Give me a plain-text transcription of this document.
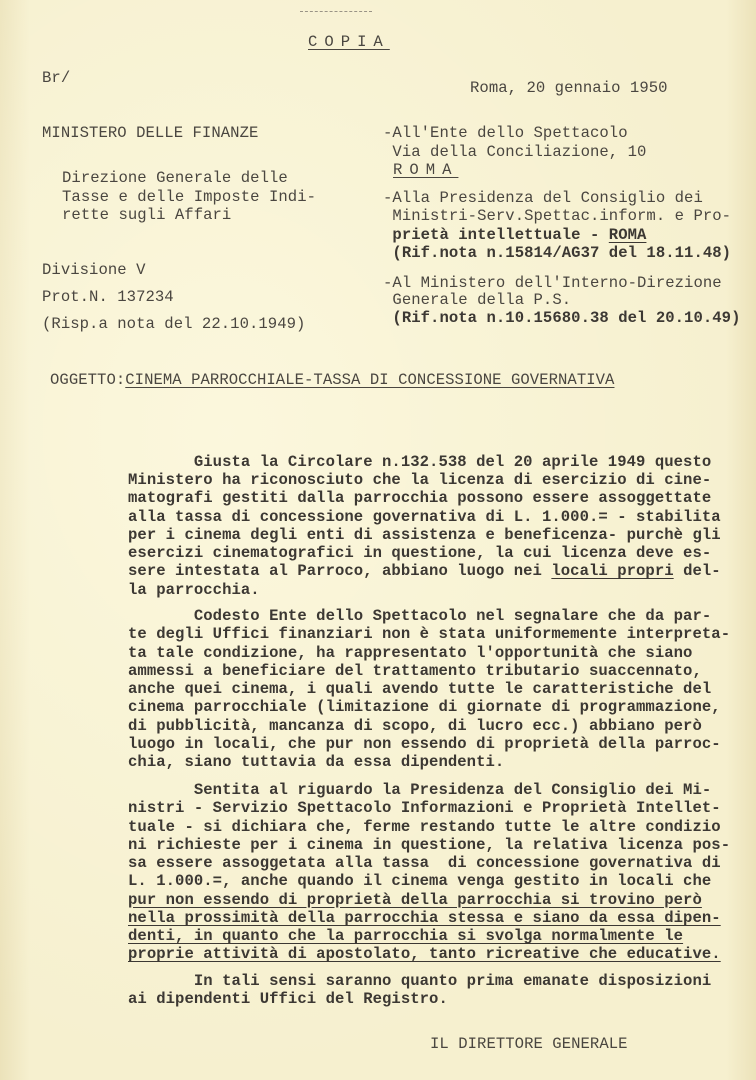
COPIA
Br/
Roma, 20 gennaio 1950
MINISTERO DELLE FINANZE
Direzione Generale delle
Tasse e delle Imposte Indi-
rette sugli Affari
Divisione V
Prot.N. 137234
(Risp.a nota del 22.10.1949)
-All'Ente dello Spettacolo
Via della Conciliazione, 10
ROMA
-Alla Presidenza del Consiglio dei
Ministri-Serv.Spettac.inform. e Pro-
prietà intellettuale - ROMA
(Rif.nota n.15814/AG37 del 18.11.48)
-Al Ministero dell'Interno-Direzione
Generale della P.S.
(Rif.nota n.10.15680.38 del 20.10.49)
OGGETTO:CINEMA PARROCCHIALE-TASSA DI CONCESSIONE GOVERNATIVA
Giusta la Circolare n.132.538 del 20 aprile 1949 questo
Ministero ha riconosciuto che la licenza di esercizio di cine-
matografi gestiti dalla parrocchia possono essere assoggettate
alla tassa di concessione governativa di L. 1.000.= - stabilita
per i cinema degli enti di assistenza e beneficenza- purchè gli
esercizi cinematografici in questione, la cui licenza deve es-
sere intestata al Parroco, abbiano luogo nei locali propri del-
la parrocchia.
Codesto Ente dello Spettacolo nel segnalare che da par-
te degli Uffici finanziari non è stata uniformemente interpreta-
ta tale condizione, ha rappresentato l'opportunità che siano
ammessi a beneficiare del trattamento tributario suaccennato,
anche quei cinema, i quali avendo tutte le caratteristiche del
cinema parrocchiale (limitazione di giornate di programmazione,
di pubblicità, mancanza di scopo, di lucro ecc.) abbiano però
luogo in locali, che pur non essendo di proprietà della parroc-
chia, siano tuttavia da essa dipendenti.
Sentita al riguardo la Presidenza del Consiglio dei Mi-
nistri - Servizio Spettacolo Informazioni e Proprietà Intellet-
tuale - si dichiara che, ferme restando tutte le altre condizio
ni richieste per i cinema in questione, la relativa licenza pos-
sa essere assoggetata alla tassa  di concessione governativa di
L. 1.000.=, anche quando il cinema venga gestito in locali che
pur non essendo di proprietà della parrocchia si trovino però
nella prossimità della parrocchia stessa e siano da essa dipen-
denti, in quanto che la parrocchia si svolga normalmente le
proprie attività di apostolato, tanto ricreative che educative.
In tali sensi saranno quanto prima emanate disposizioni
ai dipendenti Uffici del Registro.
IL DIRETTORE GENERALE
